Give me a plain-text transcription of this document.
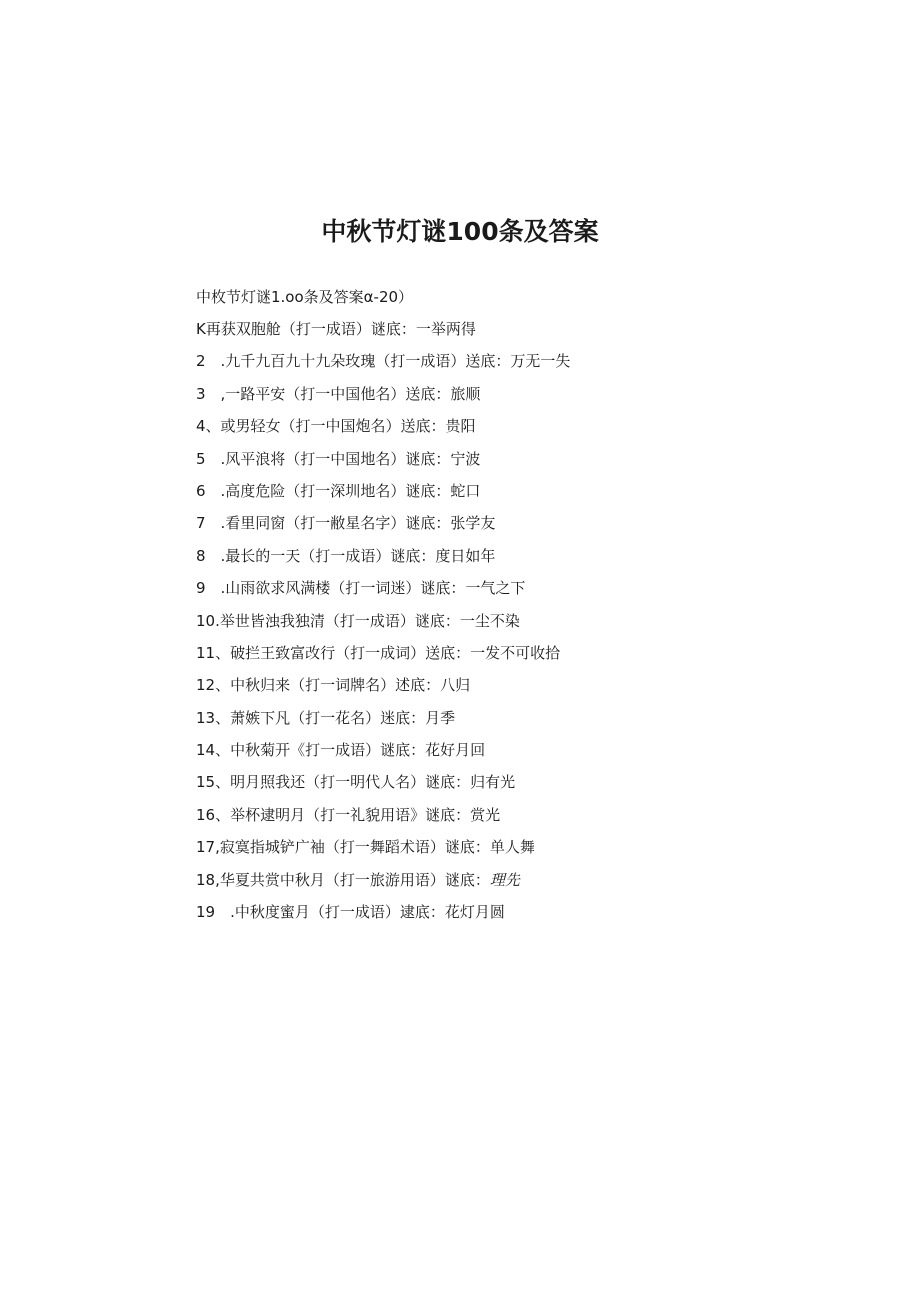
中秋节灯谜100条及答案
中枚节灯谜1.oo条及答案α-20）
K再获双胞舱（打一成语）谜底：一举两得
2　.九千九百九十九朵玫瑰（打一成语）送底：万无一失
3　,一路平安（打一中国他名）送底：旅顺
4、或男轻女（打一中国炮名）送底：贵阳
5　.风平浪将（打一中国地名）谜底：宁波
6　.高度危险（打一深圳地名）谜底：蛇口
7　.看里同窗（打一敝星名字）谜底：张学友
8　.最长的一天（打一成语）谜底：度日如年
9　.山雨欲求风满楼（打一词迷）谜底：一气之下
10.举世皆浊我独清（打一成语）谜底：一尘不染
11、破拦王致富改行（打一成词）送底：一发不可收拾
12、中秋归来（打一词牌名）述底：八归
13、萧嫉下凡（打一花名）迷底：月季
14、中秋菊开《打一成语）谜底：花好月回
15、明月照我还（打一明代人名）谜底：归有光
16、举杯逮明月（打一礼貌用语》谜底：赏光
17,寂寞指城铲广袖（打一舞蹈术语）谜底：单人舞
18,华夏共赏中秋月（打一旅游用语）谜底：理先
19　.中秋度蜜月（打一成语）逮底：花灯月圆
